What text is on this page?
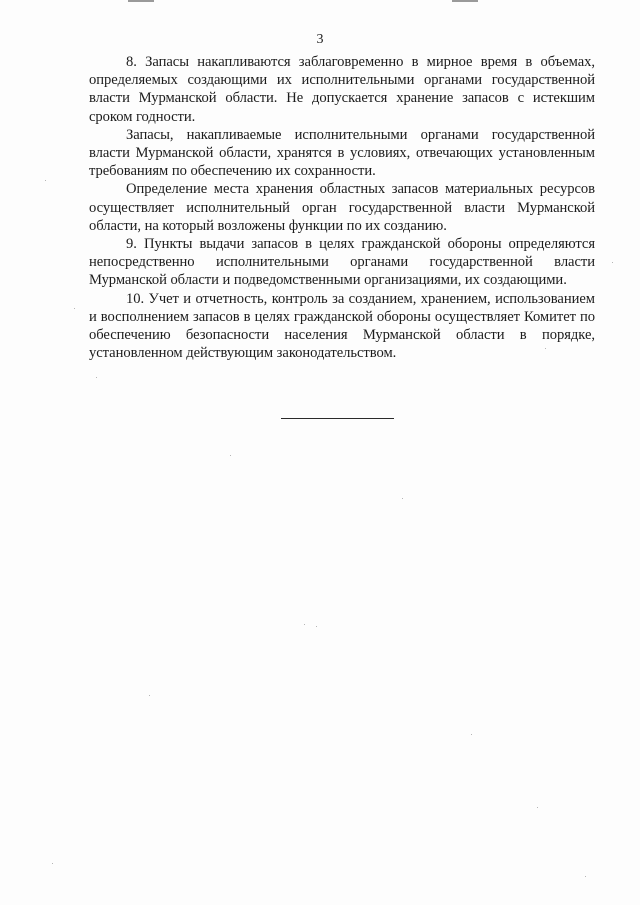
3

8. Запасы накапливаются заблаговременно в мирное время в объемах, определяемых создающими их исполнительными органами государственной власти Мурманской области. Не допускается хранение запасов с истекшим сроком годности.

Запасы, накапливаемые исполнительными органами государственной власти Мурманской области, хранятся в условиях, отвечающих установленным требованиям по обеспечению их сохранности.

Определение места хранения областных запасов материальных ресурсов осуществляет исполнительный орган государственной власти Мурманской области, на который возложены функции по их созданию.

9. Пункты выдачи запасов в целях гражданской обороны определяются непосредственно исполнительными органами государственной власти Мурманской области и подведомственными организациями, их создающими.

10. Учет и отчетность, контроль за созданием, хранением, использованием и восполнением запасов в целях гражданской обороны осуществляет Комитет по обеспечению безопасности населения Мурманской области в порядке, установленном действующим законодательством.
